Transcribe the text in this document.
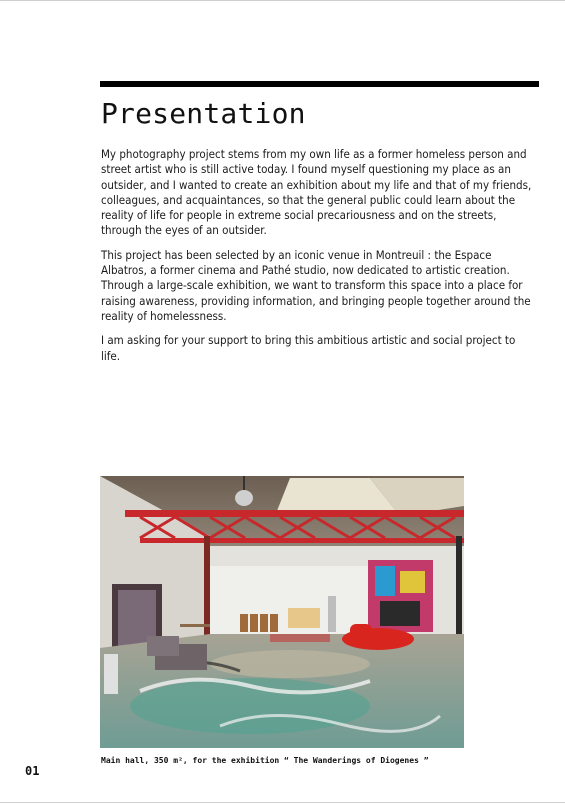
Presentation

My photography project stems from my own life as a former homeless person and street artist who is still active today. I found myself questioning my place as an outsider, and I wanted to create an exhibition about my life and that of my friends, colleagues, and acquaintances, so that the general public could learn about the reality of life for people in extreme social precariousness and on the streets, through the eyes of an outsider.

This project has been selected by an iconic venue in Montreuil : the Espace Albatros, a former cinema and Pathé studio, now dedicated to artistic creation. Through a large-scale exhibition, we want to transform this space into a place for raising awareness, providing information, and bringing people together around the reality of homelessness.

I am asking for your support to bring this ambitious artistic and social project to life.

Main hall, 350 m², for the exhibition “ The Wanderings of Diogenes ”
01
